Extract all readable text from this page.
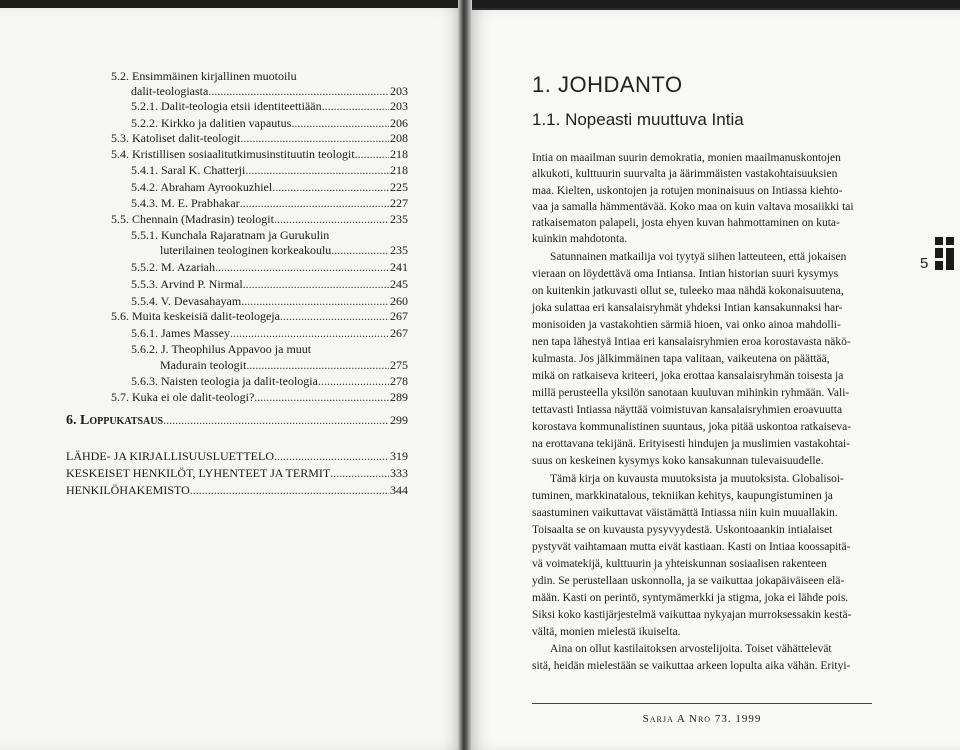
5.2. Ensimmäinen kirjallinen muotoilu
dalit-teologiasta .....	203
5.2.1. Dalit-teologia etsii identiteettiään .....	203
5.2.2. Kirkko ja dalitien vapautus .....	206
5.3. Katoliset dalit-teologit .....	208
5.4. Kristillisen sosiaalitutkimusinstituutin teologit .....	218
5.4.1. Saral K. Chatterji .....	218
5.4.2. Abraham Ayrookuzhiel .....	225
5.4.3. M. E. Prabhakar .....	227
5.5. Chennain (Madrasin) teologit .....	235
5.5.1. Kunchala Rajaratnam ja Gurukulin
luterilainen teologinen korkeakoulu .....	235
5.5.2. M. Azariah .....	241
5.5.3. Arvind P. Nirmal .....	245
5.5.4. V. Devasahayam .....	260
5.6. Muita keskeisiä dalit-teologeja .....	267
5.6.1. James Massey .....	267
5.6.2. J. Theophilus Appavoo ja muut
Madurain teologit .....	275
5.6.3. Naisten teologia ja dalit-teologia .....	278
5.7. Kuka ei ole dalit-teologi? .....	289
6. Loppukatsaus .....	299
LÄHDE- JA KIRJALLISUUSLUETTELO .....	319
KESKEISET HENKILÖT, LYHENTEET JA TERMIT .....	333
HENKILÖHAKEMISTO .....	344
1. JOHDANTO
1.1. Nopeasti muuttuva Intia
5
Intia on maailman suurin demokratia, monien maailmanuskontojen
alkukoti, kulttuurin suurvalta ja äärimmäisten vastakohtaisuuksien
maa. Kielten, uskontojen ja rotujen moninaisuus on Intiassa kiehto-
vaa ja samalla hämmentävää. Koko maa on kuin valtava mosaiikki tai
ratkaisematon palapeli, josta ehyen kuvan hahmottaminen on kuta-
kuinkin mahdotonta.
Satunnainen matkailija voi tyytyä siihen latteuteen, että jokaisen
vieraan on löydettävä oma Intiansa. Intian historian suuri kysymys
on kuitenkin jatkuvasti ollut se, tuleeko maa nähdä kokonaisuutena,
joka sulattaa eri kansalaisryhmät yhdeksi Intian kansakunnaksi har-
monisoiden ja vastakohtien särmiä hioen, vai onko ainoa mahdolli-
nen tapa lähestyä Intiaa eri kansalaisryhmien eroa korostavasta näkö-
kulmasta. Jos jälkimmäinen tapa valitaan, vaikeutena on päättää,
mikä on ratkaiseva kriteeri, joka erottaa kansalaisryhmän toisesta ja
millä perusteella yksilön sanotaan kuuluvan mihinkin ryhmään. Vali-
tettavasti Intiassa näyttää voimistuvan kansalaisryhmien eroavuutta
korostava kommunalistinen suuntaus, joka pitää uskontoa ratkaiseva-
na erottavana tekijänä. Erityisesti hindujen ja muslimien vastakohtai-
suus on keskeinen kysymys koko kansakunnan tulevaisuudelle.
Tämä kirja on kuvausta muutoksista ja muutoksista. Globalisoi-
tuminen, markkinatalous, tekniikan kehitys, kaupungistuminen ja
saastuminen vaikuttavat väistämättä Intiassa niin kuin muuallakin.
Toisaalta se on kuvausta pysyvyydestä. Uskontoaankin intialaiset
pystyvät vaihtamaan mutta eivät kastiaan. Kasti on Intiaa koossapitä-
vä voimatekijä, kulttuurin ja yhteiskunnan sosiaalisen rakenteen
ydin. Se perustellaan uskonnolla, ja se vaikuttaa jokapäiväiseen elä-
mään. Kasti on perintö, syntymämerkki ja stigma, joka ei lähde pois.
Siksi koko kastijärjestelmä vaikuttaa nykyajan murroksessakin kestä-
vältä, monien mielestä ikuiselta.
Aina on ollut kastilaitoksen arvostelijoita. Toiset vähättelevät
sitä, heidän mielestään se vaikuttaa arkeen lopulta aika vähän. Erityi-
Sarja A Nro 73. 1999
